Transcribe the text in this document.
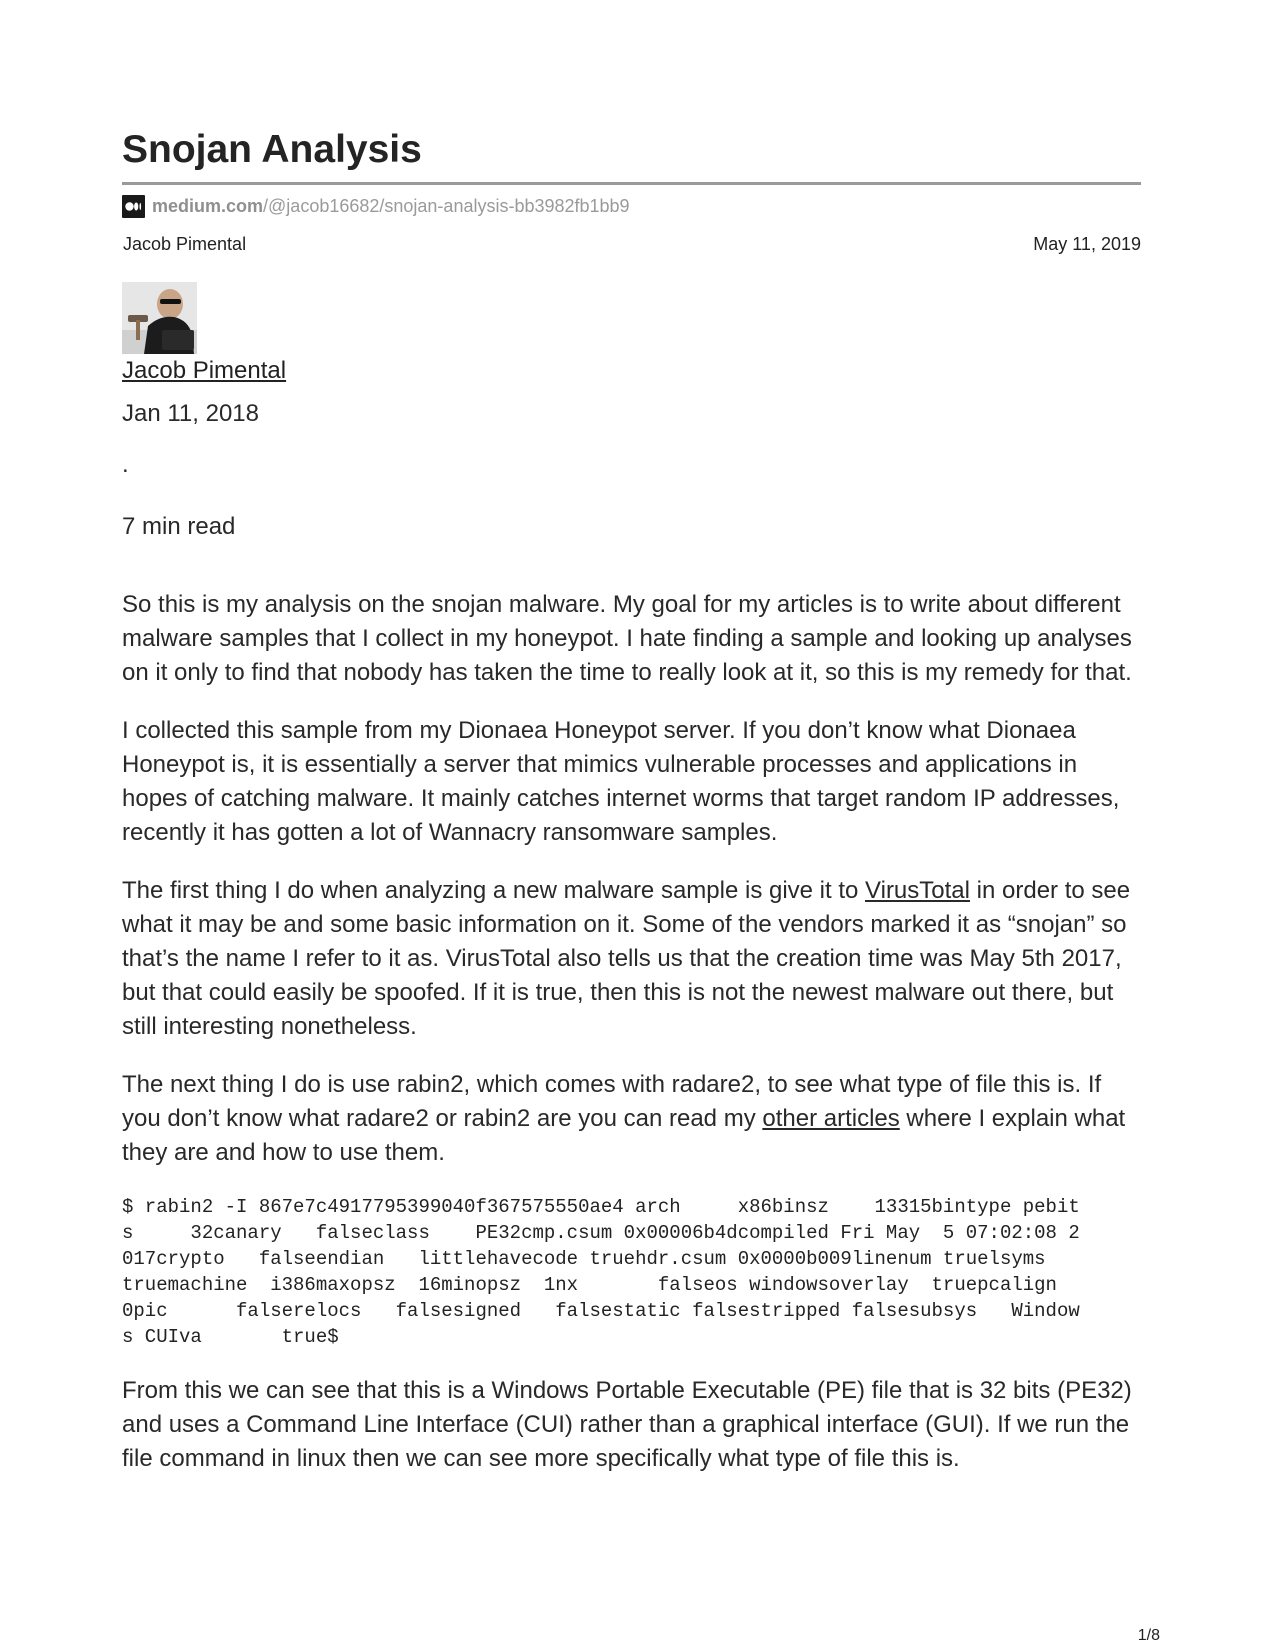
Snojan Analysis
medium.com /@jacob16682/snojan-analysis-bb3982fb1bb9
Jacob Pimental	May 11, 2019
Jacob Pimental
Jan 11, 2018
.
7 min read

So this is my analysis on the snojan malware. My goal for my articles is to write about different malware samples that I collect in my honeypot. I hate finding a sample and looking up analyses on it only to find that nobody has taken the time to really look at it, so this is my remedy for that.

I collected this sample from my Dionaea Honeypot server. If you don’t know what Dionaea Honeypot is, it is essentially a server that mimics vulnerable processes and applications in hopes of catching malware. It mainly catches internet worms that target random IP addresses, recently it has gotten a lot of Wannacry ransomware samples.

The first thing I do when analyzing a new malware sample is give it to VirusTotal in order to see what it may be and some basic information on it. Some of the vendors marked it as “snojan” so that’s the name I refer to it as. VirusTotal also tells us that the creation time was May 5th 2017, but that could easily be spoofed. If it is true, then this is not the newest malware out there, but still interesting nonetheless.

The next thing I do is use rabin2, which comes with radare2, to see what type of file this is. If you don’t know what radare2 or rabin2 are you can read my other articles where I explain what they are and how to use them.

$ rabin2 -I 867e7c4917795399040f367575550ae4 arch     x86binsz    13315bintype pebits     32canary   falseclass    PE32cmp.csum 0x00006b4dcompiled Fri May  5 07:02:08 2017crypto   falseendian   littlehavecode truehdr.csum 0x0000b009linenum truelsyms    truemachine  i386maxopsz  16minopsz  1nx       falseos windowsoverlay  truepcalign  0pic      falserelocs   falsesigned   falsestatic falsestripped falsesubsys   Windows CUIva       true$

From this we can see that this is a Windows Portable Executable (PE) file that is 32 bits (PE32) and uses a Command Line Interface (CUI) rather than a graphical interface (GUI). If we run the file command in linux then we can see more specifically what type of file this is.

1/8
